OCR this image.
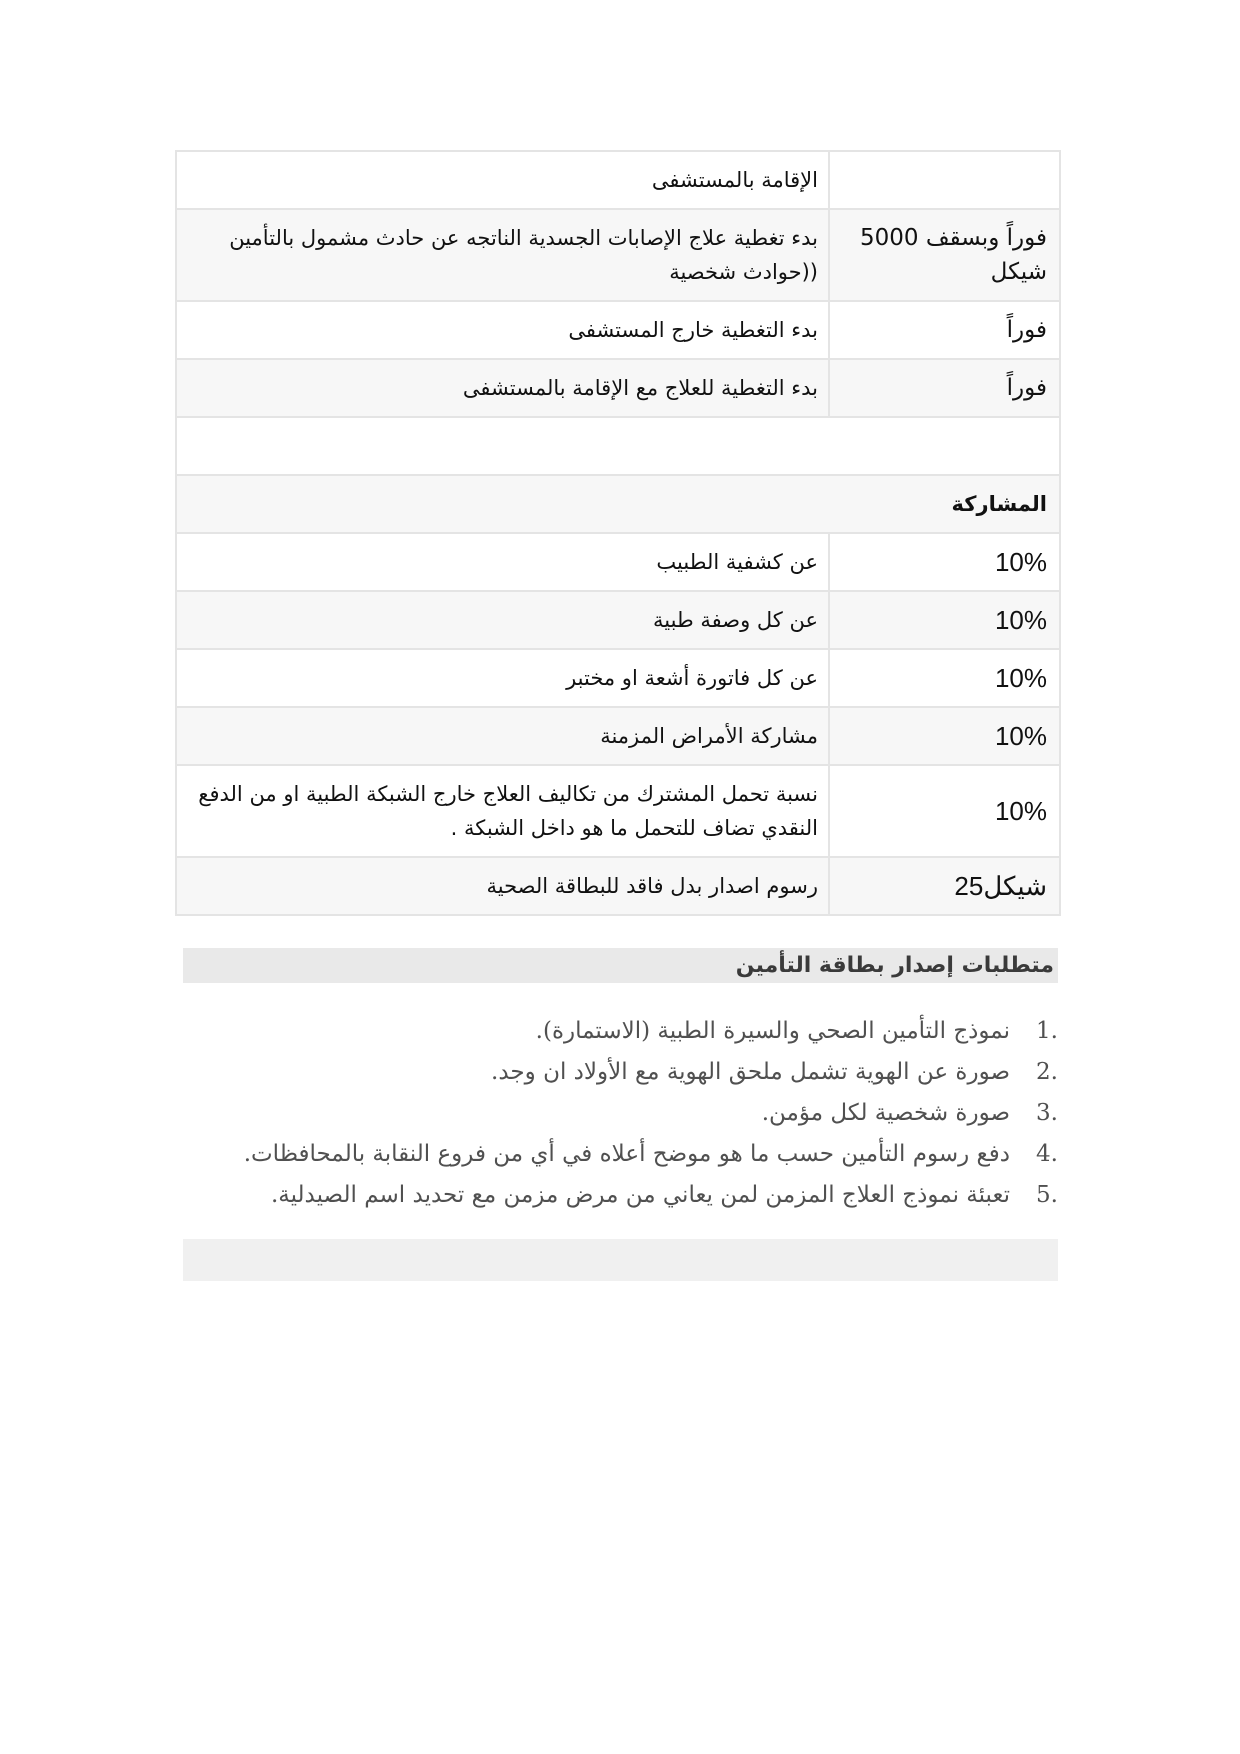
	الإقامة بالمستشفى
فوراً وبسقف 5000 شيكل	بدء تغطية علاج الإصابات الجسدية الناتجه عن حادث مشمول بالتأمين ((حوادث شخصية
فوراً	بدء التغطية خارج المستشفى
فوراً	بدء التغطية للعلاج مع الإقامة بالمستشفى

المشاركة	
10%	عن كشفية الطبيب
10%	عن كل وصفة طبية
10%	عن كل فاتورة أشعة او مختبر
10%	مشاركة الأمراض المزمنة
10%	نسبة تحمل المشترك من تكاليف العلاج خارج الشبكة الطبية او من الدفع النقدي تضاف للتحمل ما هو داخل الشبكة .
شيكل25	رسوم اصدار بدل فاقد للبطاقة الصحية
متطلبات إصدار بطاقة التأمين
1.نموذج التأمين الصحي والسيرة الطبية (الاستمارة).
2.صورة عن الهوية تشمل ملحق الهوية مع الأولاد ان وجد.
3.صورة شخصية لكل مؤمن.
4.دفع رسوم التأمين حسب ما هو موضح أعلاه في أي من فروع النقابة بالمحافظات.
5.تعبئة نموذج العلاج المزمن لمن يعاني من مرض مزمن مع تحديد اسم الصيدلية.
